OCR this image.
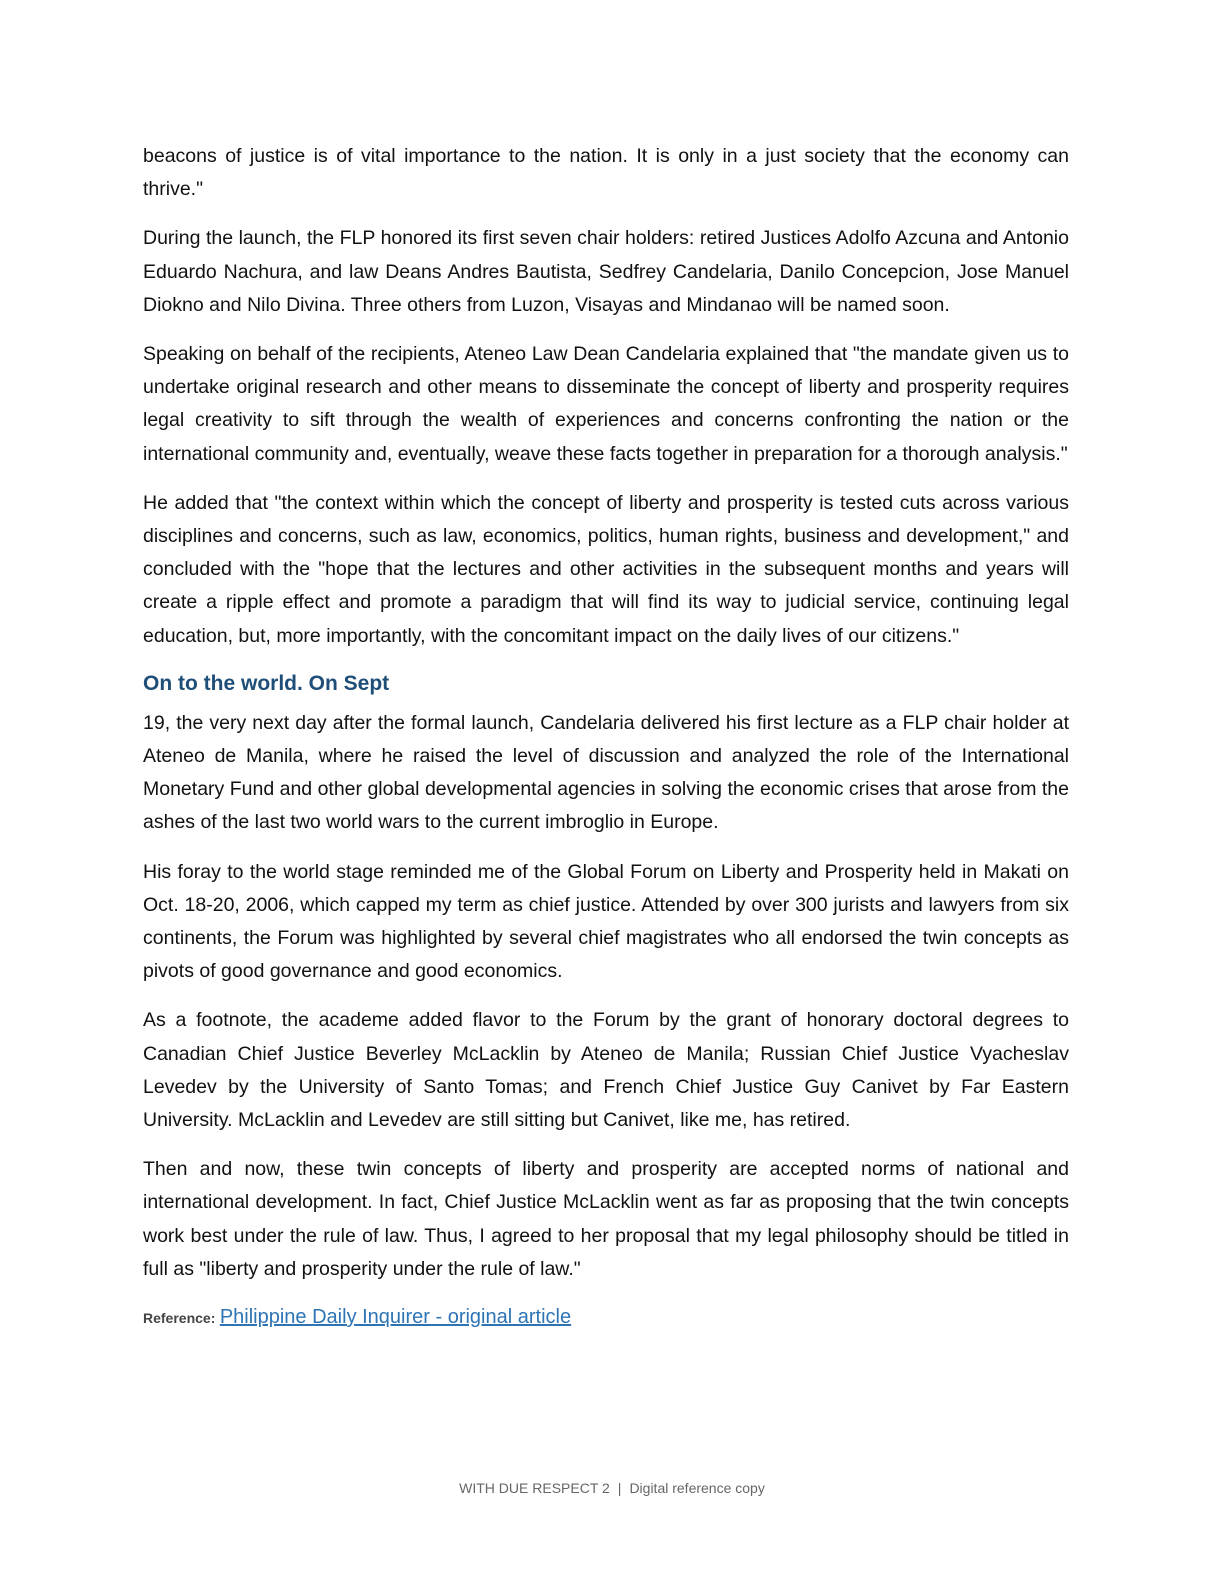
beacons of justice is of vital importance to the nation. It is only in a just society that the economy can thrive."

During the launch, the FLP honored its first seven chair holders: retired Justices Adolfo Azcuna and Antonio Eduardo Nachura, and law Deans Andres Bautista, Sedfrey Candelaria, Danilo Concepcion, Jose Manuel Diokno and Nilo Divina. Three others from Luzon, Visayas and Mindanao will be named soon.

Speaking on behalf of the recipients, Ateneo Law Dean Candelaria explained that "the mandate given us to undertake original research and other means to disseminate the concept of liberty and prosperity requires legal creativity to sift through the wealth of experiences and concerns confronting the nation or the international community and, eventually, weave these facts together in preparation for a thorough analysis."

He added that "the context within which the concept of liberty and prosperity is tested cuts across various disciplines and concerns, such as law, economics, politics, human rights, business and development," and concluded with the "hope that the lectures and other activities in the subsequent months and years will create a ripple effect and promote a paradigm that will find its way to judicial service, continuing legal education, but, more importantly, with the concomitant impact on the daily lives of our citizens."

On to the world. On Sept

19, the very next day after the formal launch, Candelaria delivered his first lecture as a FLP chair holder at Ateneo de Manila, where he raised the level of discussion and analyzed the role of the International Monetary Fund and other global developmental agencies in solving the economic crises that arose from the ashes of the last two world wars to the current imbroglio in Europe.

His foray to the world stage reminded me of the Global Forum on Liberty and Prosperity held in Makati on Oct. 18-20, 2006, which capped my term as chief justice. Attended by over 300 jurists and lawyers from six continents, the Forum was highlighted by several chief magistrates who all endorsed the twin concepts as pivots of good governance and good economics.

As a footnote, the academe added flavor to the Forum by the grant of honorary doctoral degrees to Canadian Chief Justice Beverley McLacklin by Ateneo de Manila; Russian Chief Justice Vyacheslav Levedev by the University of Santo Tomas; and French Chief Justice Guy Canivet by Far Eastern University. McLacklin and Levedev are still sitting but Canivet, like me, has retired.

Then and now, these twin concepts of liberty and prosperity are accepted norms of national and international development. In fact, Chief Justice McLacklin went as far as proposing that the twin concepts work best under the rule of law. Thus, I agreed to her proposal that my legal philosophy should be titled in full as "liberty and prosperity under the rule of law."

Reference: Philippine Daily Inquirer - original article
WITH DUE RESPECT 2 | Digital reference copy
